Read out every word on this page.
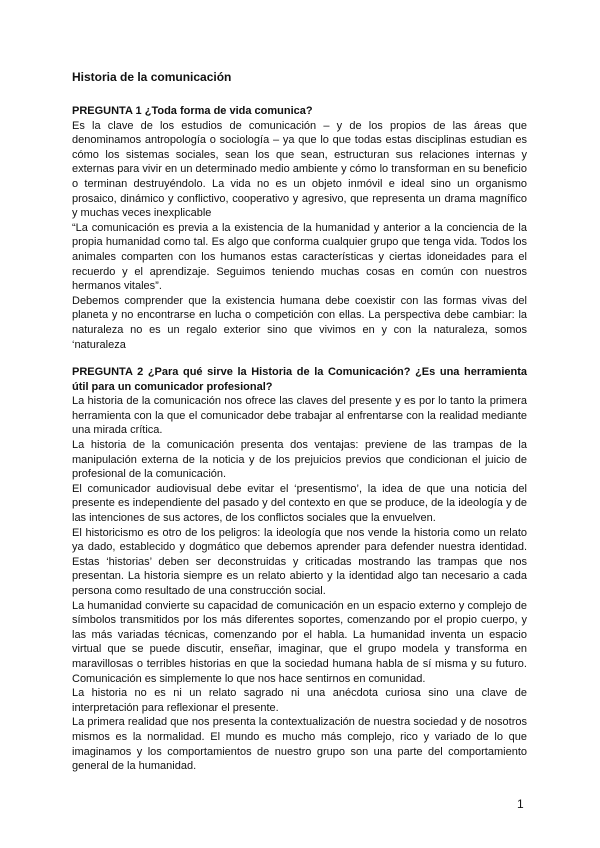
Historia de la comunicación
PREGUNTA 1 ¿Toda forma de vida comunica?

Es la clave de los estudios de comunicación – y de los propios de las áreas que denominamos antropología o sociología – ya que lo que todas estas disciplinas estudian es cómo los sistemas sociales, sean los que sean, estructuran sus relaciones internas y externas para vivir en un determinado medio ambiente y cómo lo transforman en su beneficio o terminan destruyéndolo. La vida no es un objeto inmóvil e ideal sino un organismo prosaico, dinámico y conflictivo, cooperativo y agresivo, que representa un drama magnífico y muchas veces inexplicable

“La comunicación es previa a la existencia de la humanidad y anterior a la conciencia de la propia humanidad como tal. Es algo que conforma cualquier grupo que tenga vida. Todos los animales comparten con los humanos estas características y ciertas idoneidades para el recuerdo y el aprendizaje. Seguimos teniendo muchas cosas en común con nuestros hermanos vitales”.

Debemos comprender que la existencia humana debe coexistir con las formas vivas del planeta y no encontrarse en lucha o competición con ellas. La perspectiva debe cambiar: la naturaleza no es un regalo exterior sino que vivimos en y con la naturaleza, somos ‘naturaleza

PREGUNTA 2 ¿Para qué sirve la Historia de la Comunicación? ¿Es una herramienta útil para un comunicador profesional?

La historia de la comunicación nos ofrece las claves del presente y es por lo tanto la primera herramienta con la que el comunicador debe trabajar al enfrentarse con la realidad mediante una mirada crítica.

La historia de la comunicación presenta dos ventajas: previene de las trampas de la manipulación externa de la noticia y de los prejuicios previos que condicionan el juicio de profesional de la comunicación.

El comunicador audiovisual debe evitar el ‘presentismo’, la idea de que una noticia del presente es independiente del pasado y del contexto en que se produce, de la ideología y de las intenciones de sus actores, de los conflictos sociales que la envuelven.

El historicismo es otro de los peligros: la ideología que nos vende la historia como un relato ya dado, establecido y dogmático que debemos aprender para defender nuestra identidad. Estas ‘historias’ deben ser deconstruidas y criticadas mostrando las trampas que nos presentan. La historia siempre es un relato abierto y la identidad algo tan necesario a cada persona como resultado de una construcción social.

La humanidad convierte su capacidad de comunicación en un espacio externo y complejo de símbolos transmitidos por los más diferentes soportes, comenzando por el propio cuerpo, y las más variadas técnicas, comenzando por el habla. La humanidad inventa un espacio virtual que se puede discutir, enseñar, imaginar, que el grupo modela y transforma en maravillosas o terribles historias en que la sociedad humana habla de sí misma y su futuro. Comunicación es simplemente lo que nos hace sentirnos en comunidad.

La historia no es ni un relato sagrado ni una anécdota curiosa sino una clave de interpretación para reflexionar el presente.

La primera realidad que nos presenta la contextualización de nuestra sociedad y de nosotros mismos es la normalidad. El mundo es mucho más complejo, rico y variado de lo que imaginamos y los comportamientos de nuestro grupo son una parte del comportamiento general de la humanidad.

1
